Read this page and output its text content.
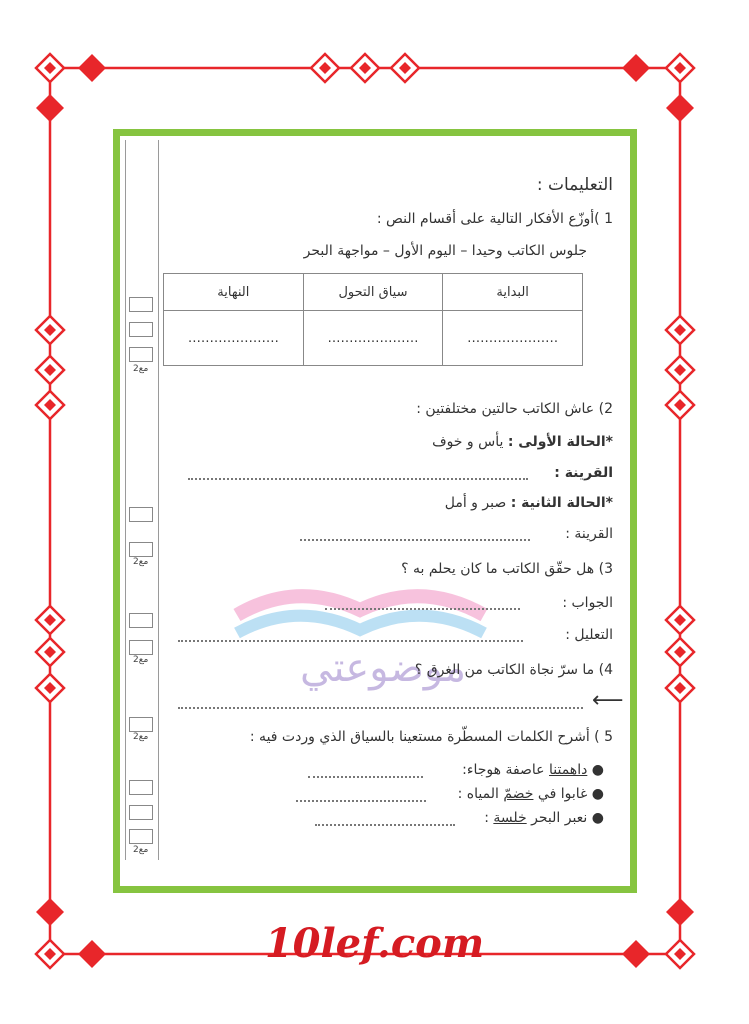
مع2
مع2
مع2
مع2
مع2
موضوعتي
التعليمات :
1 )أوزّع الأفكار التالية على أقسام النص :
جلوس الكاتب وحيدا – اليوم الأول – مواجهة البحر
النهاية	سياق التحول	البداية
…………………	…………………	…………………
2) عاش الكاتب حالتين مختلفتين :
*الحالة الأولى : يأس و خوف
القرينة :
*الحالة الثانية : صبر و أمل
القرينة :
3) هل حقّق الكاتب ما كان يحلم به ؟
الجواب :
التعليل :
4) ما سرّ نجاة الكاتب من الغرق ؟
⟵
5 ) أشرح الكلمات المسطّرة مستعينا بالسياق الذي وردت فيه :
● داهمتنا عاصفة هوجاء:
● غابوا في خضمّ المياه :
● نعبر البحر خلسة :
10lef.com
